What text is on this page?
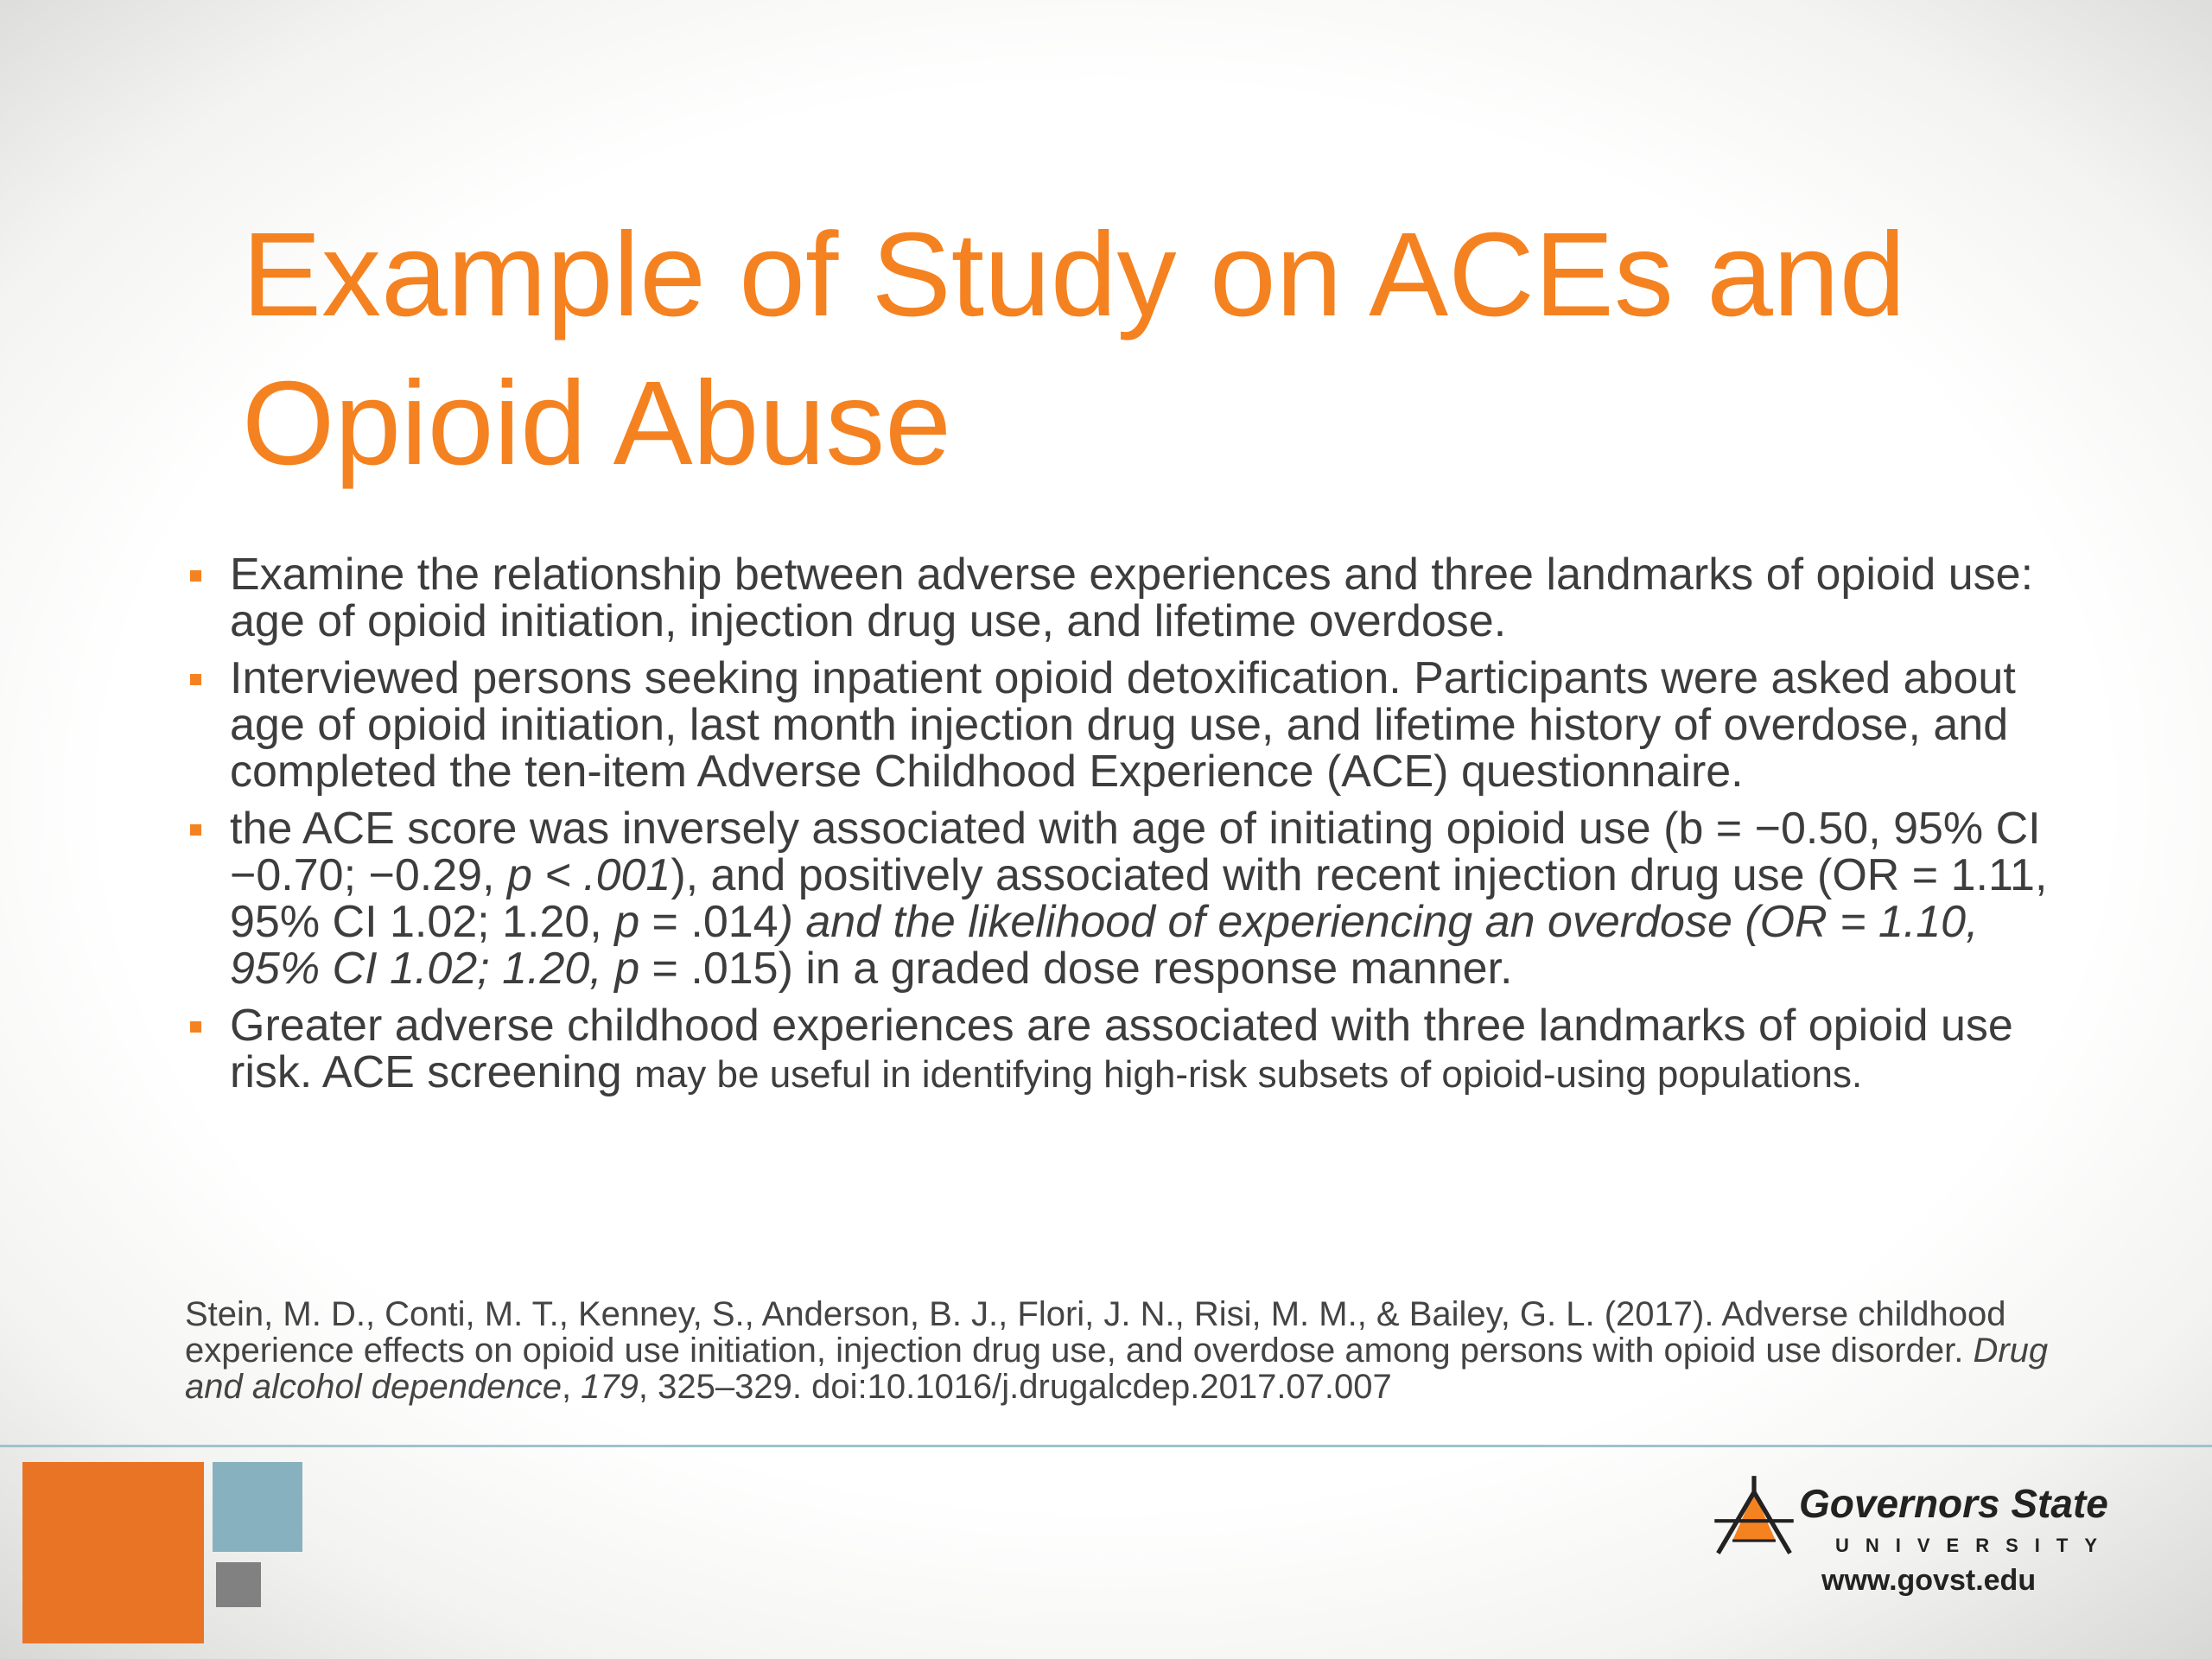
Example of Study on ACEs and
Opioid Abuse
Examine the relationship between adverse experiences and three landmarks of opioid use: age of opioid initiation, injection drug use, and lifetime overdose.
Interviewed persons seeking inpatient opioid detoxification. Participants were asked about age of opioid initiation, last month injection drug use, and lifetime history of overdose, and completed the ten-item Adverse Childhood Experience (ACE) questionnaire.
the ACE score was inversely associated with age of initiating opioid use (b = −0.50, 95% CI −0.70; −0.29, p < .001), and positively associated with recent injection drug use (OR = 1.11, 95% CI 1.02; 1.20, p = .014) and the likelihood of experiencing an overdose (OR = 1.10, 95% CI 1.02; 1.20, p = .015) in a graded dose response manner.
Greater adverse childhood experiences are associated with three landmarks of opioid use risk. ACE screening may be useful in identifying high-risk subsets of opioid-using populations.

Stein, M. D., Conti, M. T., Kenney, S., Anderson, B. J., Flori, J. N., Risi, M. M., & Bailey, G. L. (2017). Adverse childhood experience effects on opioid use initiation, injection drug use, and overdose among persons with opioid use disorder. Drug and alcohol dependence, 179, 325–329. doi:10.1016/j.drugalcdep.2017.07.007

Governors State
UNIVERSITY
www.govst.edu
